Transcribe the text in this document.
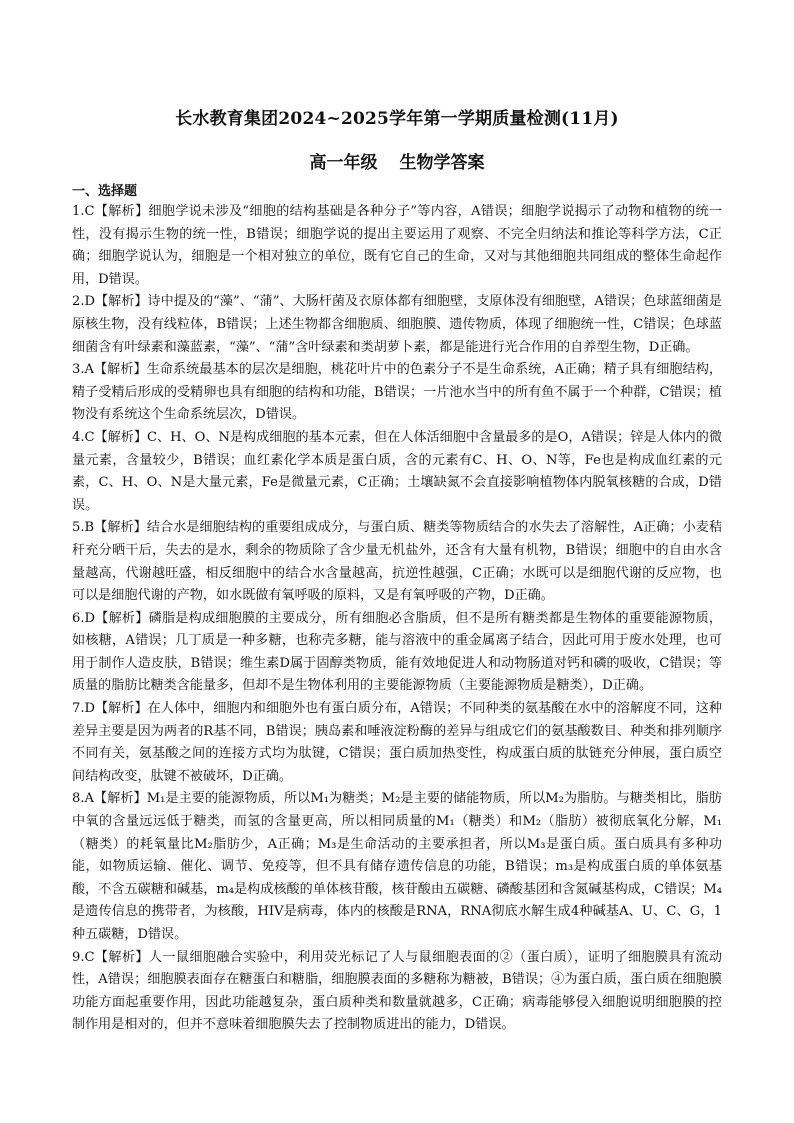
长水教育集团2024~2025学年第一学期质量检测(11月)
高一年级 生物学答案
一、选择题

1.C【解析】细胞学说未涉及“细胞的结构基础是各种分子”等内容，A错误；细胞学说揭示了动物和植物的统一性，没有揭示生物的统一性，B错误；细胞学说的提出主要运用了观察、不完全归纳法和推论等科学方法，C正确；细胞学说认为，细胞是一个相对独立的单位，既有它自己的生命，又对与其他细胞共同组成的整体生命起作用，D错误。

2.D【解析】诗中提及的“藻”、“蒲”、大肠杆菌及衣原体都有细胞壁，支原体没有细胞壁，A错误；色球蓝细菌是原核生物，没有线粒体，B错误；上述生物都含细胞质、细胞膜、遗传物质，体现了细胞统一性，C错误；色球蓝细菌含有叶绿素和藻蓝素，“藻”、“蒲”含叶绿素和类胡萝卜素，都是能进行光合作用的自养型生物，D正确。

3.A【解析】生命系统最基本的层次是细胞，桃花叶片中的色素分子不是生命系统，A正确；精子具有细胞结构，精子受精后形成的受精卵也具有细胞的结构和功能，B错误；一片池水当中的所有鱼不属于一个种群，C错误；植物没有系统这个生命系统层次，D错误。

4.C【解析】C、H、O、N是构成细胞的基本元素，但在人体活细胞中含量最多的是O，A错误；锌是人体内的微量元素，含量较少，B错误；血红素化学本质是蛋白质，含的元素有C、H、O、N等，Fe也是构成血红素的元素，C、H、O、N是大量元素，Fe是微量元素，C正确；土壤缺氮不会直接影响植物体内脱氧核糖的合成，D错误。

5.B【解析】结合水是细胞结构的重要组成成分，与蛋白质、糖类等物质结合的水失去了溶解性，A正确；小麦秸秆充分晒干后，失去的是水，剩余的物质除了含少量无机盐外，还含有大量有机物，B错误；细胞中的自由水含量越高，代谢越旺盛，相反细胞中的结合水含量越高，抗逆性越强，C正确；水既可以是细胞代谢的反应物，也可以是细胞代谢的产物，如水既做有氧呼吸的原料，又是有氧呼吸的产物，D正确。

6.D【解析】磷脂是构成细胞膜的主要成分，所有细胞必含脂质，但不是所有糖类都是生物体的重要能源物质，如核糖，A错误；几丁质是一种多糖，也称壳多糖，能与溶液中的重金属离子结合，因此可用于废水处理，也可用于制作人造皮肤，B错误；维生素D属于固醇类物质，能有效地促进人和动物肠道对钙和磷的吸收，C错误；等质量的脂肪比糖类含能量多，但却不是生物体利用的主要能源物质（主要能源物质是糖类），D正确。

7.D【解析】在人体中，细胞内和细胞外也有蛋白质分布，A错误；不同种类的氨基酸在水中的溶解度不同，这种差异主要是因为两者的R基不同，B错误；胰岛素和唾液淀粉酶的差异与组成它们的氨基酸数目、种类和排列顺序不同有关，氨基酸之间的连接方式均为肽键，C错误；蛋白质加热变性，构成蛋白质的肽链充分伸展，蛋白质空间结构改变，肽键不被破坏，D正确。

8.A【解析】M₁是主要的能源物质，所以M₁为糖类；M₂是主要的储能物质，所以M₂为脂肪。与糖类相比，脂肪中氧的含量远远低于糖类，而氢的含量更高，所以相同质量的M₁（糖类）和M₂（脂肪）被彻底氧化分解，M₁（糖类）的耗氧量比M₂脂肪少，A正确；M₃是生命活动的主要承担者，所以M₃是蛋白质。蛋白质具有多种功能，如物质运输、催化、调节、免疫等，但不具有储存遗传信息的功能，B错误；m₃是构成蛋白质的单体氨基酸，不含五碳糖和碱基，m₄是构成核酸的单体核苷酸，核苷酸由五碳糖、磷酸基团和含氮碱基构成，C错误；M₄是遗传信息的携带者，为核酸，HIV是病毒，体内的核酸是RNA，RNA彻底水解生成4种碱基A、U、C、G，1种五碳糖，D错误。

9.C【解析】人一鼠细胞融合实验中，利用荧光标记了人与鼠细胞表面的②（蛋白质），证明了细胞膜具有流动性，A错误；细胞膜表面存在糖蛋白和糖脂，细胞膜表面的多糖称为糖被，B错误；④为蛋白质，蛋白质在细胞膜功能方面起重要作用，因此功能越复杂，蛋白质种类和数量就越多，C正确；病毒能够侵入细胞说明细胞膜的控制作用是相对的，但并不意味着细胞膜失去了控制物质进出的能力，D错误。
